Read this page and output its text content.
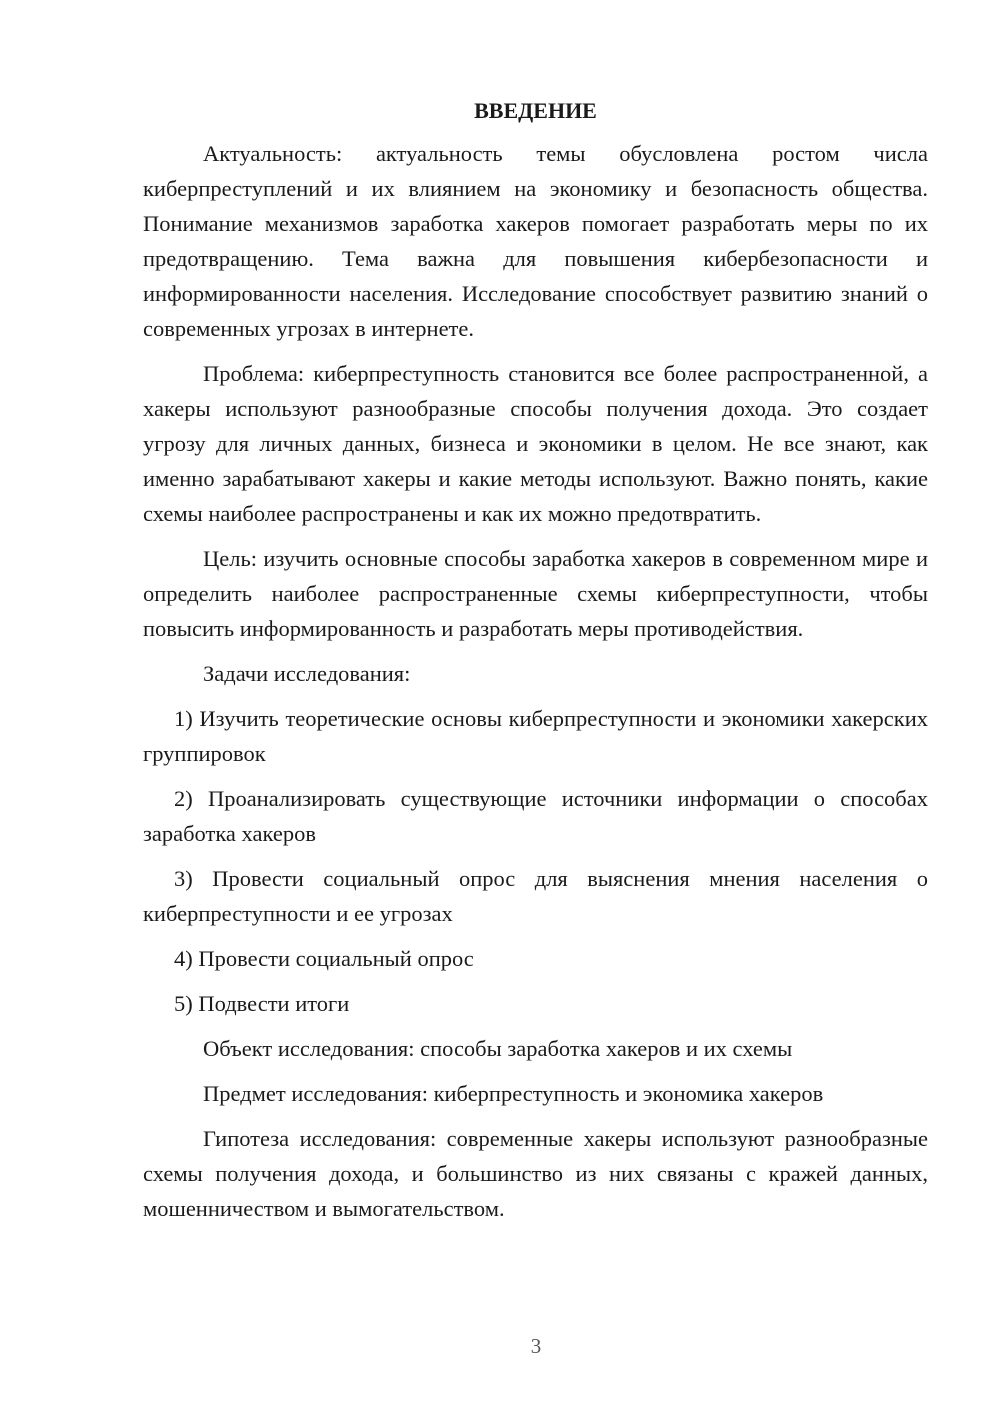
ВВЕДЕНИЕ

Актуальность: актуальность темы обусловлена ростом числа киберпреступлений и их влиянием на экономику и безопасность общества. Понимание механизмов заработка хакеров помогает разработать меры по их предотвращению. Тема важна для повышения кибербезопасности и информированности населения. Исследование способствует развитию знаний о современных угрозах в интернете.

Проблема: киберпреступность становится все более распространенной, а хакеры используют разнообразные способы получения дохода. Это создает угрозу для личных данных, бизнеса и экономики в целом. Не все знают, как именно зарабатывают хакеры и какие методы используют. Важно понять, какие схемы наиболее распространены и как их можно предотвратить.

Цель: изучить основные способы заработка хакеров в современном мире и определить наиболее распространенные схемы киберпреступности, чтобы повысить информированность и разработать меры противодействия.

Задачи исследования:

1) Изучить теоретические основы киберпреступности и экономики хакерских группировок

2) Проанализировать существующие источники информации о способах заработка хакеров

3) Провести социальный опрос для выяснения мнения населения о киберпреступности и ее угрозах

4) Провести социальный опрос

5) Подвести итоги

Объект исследования: способы заработка хакеров и их схемы

Предмет исследования: киберпреступность и экономика хакеров

Гипотеза исследования: современные хакеры используют разнообразные схемы получения дохода, и большинство из них связаны с кражей данных, мошенничеством и вымогательством.

3
